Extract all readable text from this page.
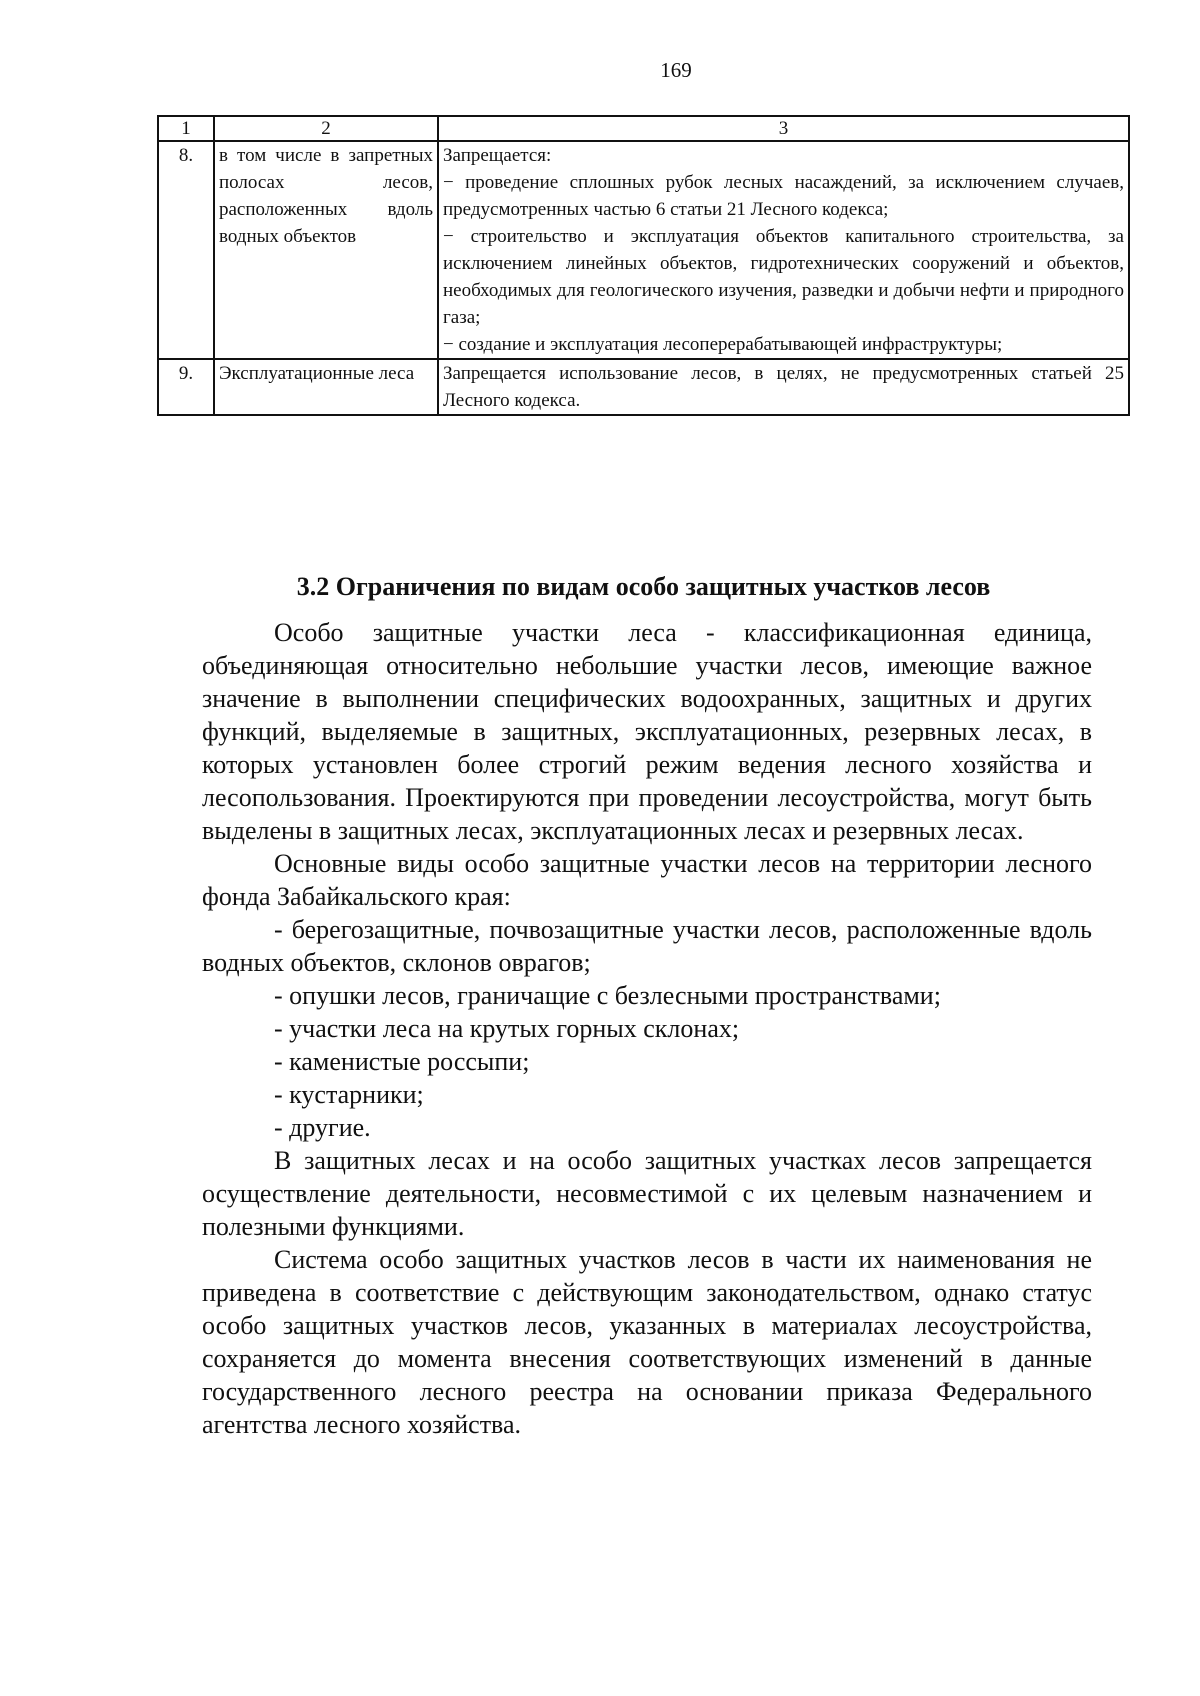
169
1	2	3
8.	в том числе в запретных полосах лесов, расположенных вдоль водных объектов	Запрещается:
− проведение сплошных рубок лесных насаждений, за исключением случаев, предусмотренных частью 6 статьи 21 Лесного кодекса;
− строительство и эксплуатация объектов капитального строительства, за исключением линейных объектов, гидротехнических сооружений и объектов, необходимых для геологического изучения, разведки и добычи нефти и природного газа;
− создание и эксплуатация лесоперерабатывающей инфраструктуры;

9.	Эксплуатационные леса	Запрещается использование лесов, в целях, не предусмотренных статьей 25 Лесного кодекса.
3.2 Ограничения по видам особо защитных участков лесов

Особо защитные участки леса - классификационная единица, объединяющая относительно небольшие участки лесов, имеющие важное значение в выполнении специфических водоохранных, защитных и других функций, выделяемые в защитных, эксплуатационных, резервных лесах, в которых установлен более строгий режим ведения лесного хозяйства и лесопользования. Проектируются при проведении лесоустройства, могут быть выделены в защитных лесах, эксплуатационных лесах и резервных лесах.

Основные виды особо защитные участки лесов на территории лесного фонда Забайкальского края:

- берегозащитные, почвозащитные участки лесов, расположенные вдоль водных объектов, склонов оврагов;

- опушки лесов, граничащие с безлесными пространствами;

- участки леса на крутых горных склонах;

- каменистые россыпи;

- кустарники;

- другие.

В защитных лесах и на особо защитных участках лесов запрещается осуществление деятельности, несовместимой с их целевым назначением и полезными функциями.

Система особо защитных участков лесов в части их наименования не приведена в соответствие с действующим законодательством, однако статус особо защитных участков лесов, указанных в материалах лесоустройства, сохраняется до момента внесения соответствующих изменений в данные государственного лесного реестра на основании приказа Федерального агентства лесного хозяйства.
